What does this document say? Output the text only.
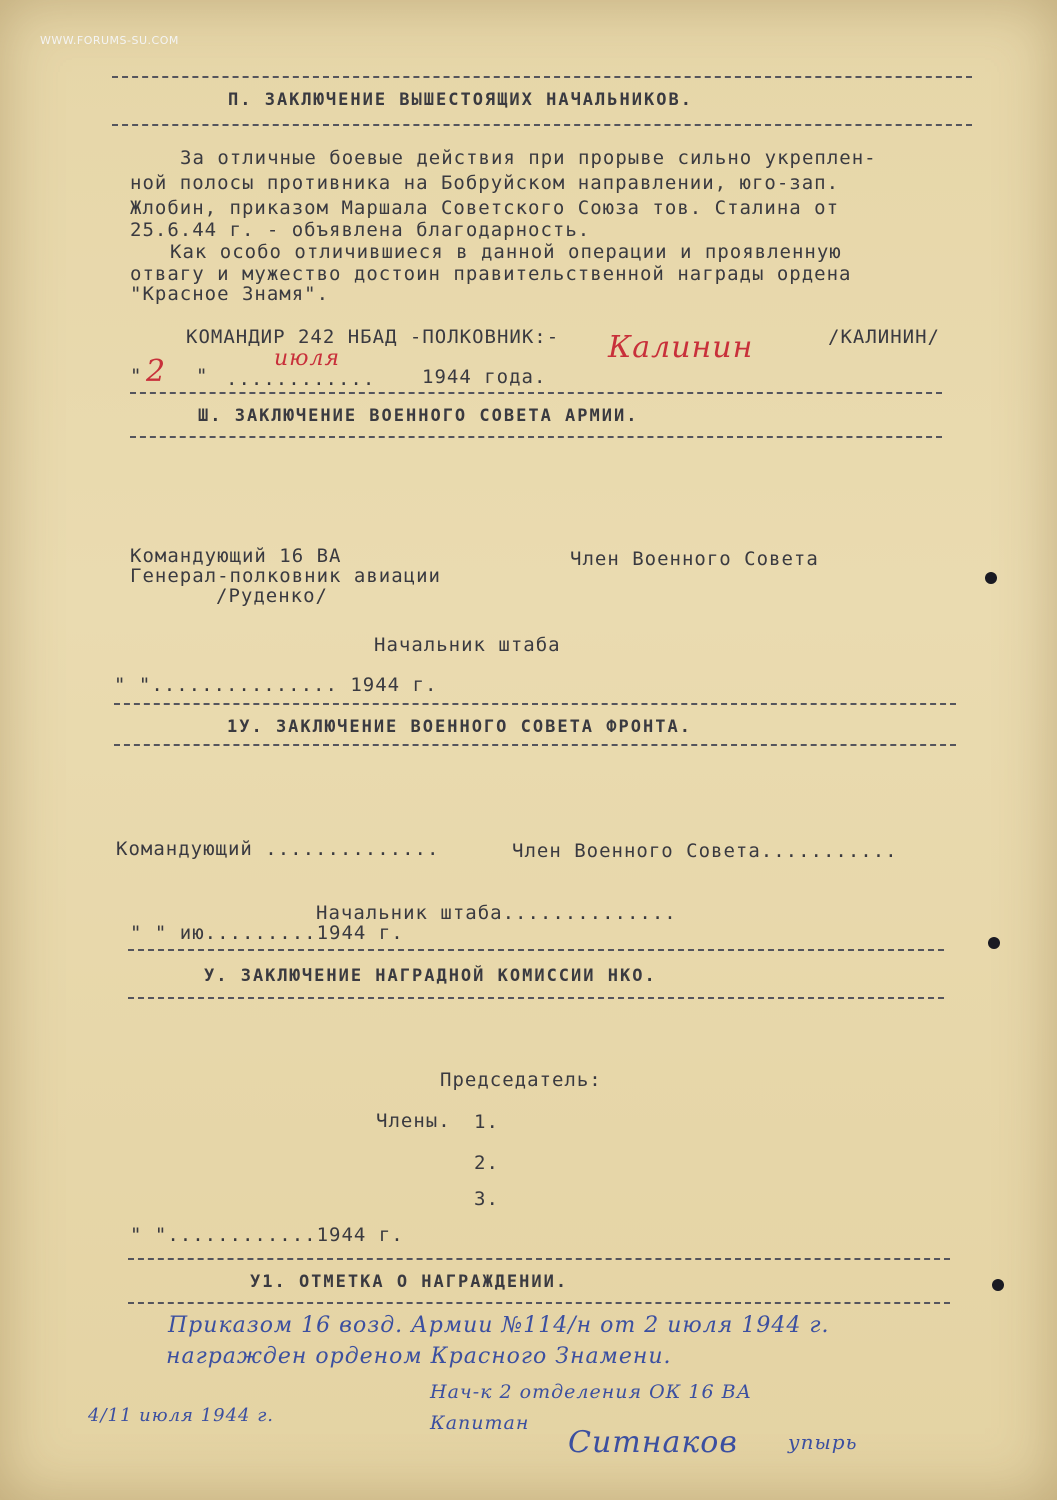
WWW.FORUMS-SU.COM
П. ЗАКЛЮЧЕНИЕ ВЫШЕСТОЯЩИХ НАЧАЛЬНИКОВ.
За отличные боевые действия при прорыве сильно укреплен-
ной полосы противника на Бобруйском направлении, юго-зап.
Жлобин, приказом Маршала Советского Союза тов. Сталина от
25.6.44 г. - объявлена благодарность.
Как особо отличившиеся в данной операции и проявленную
отвагу и мужество достоин правительственной награды ордена
"Красное Знамя".
КОМАНДИР 242 НБАД -ПОЛКОВНИК:- Калинин	/КАЛИНИН/
" 2 " ............
июля
1944 года.
Ш. ЗАКЛЮЧЕНИЕ ВОЕННОГО СОВЕТА АРМИИ.
Командующий 16 ВА	Член Военного Совета
Генерал-полковник авиации
/Руденко/
Начальник штаба
" "............... 1944 г.
1У. ЗАКЛЮЧЕНИЕ ВОЕННОГО СОВЕТА ФРОНТА.
Командующий ..............	Член Военного Совета...........
Начальник штаба..............
" " ию.........1944 г.
У. ЗАКЛЮЧЕНИЕ НАГРАДНОЙ КОМИССИИ НКО.
Председатель:
Члены. 1.
2.
3.
" "............1944 г.
У1. ОТМЕТКА О НАГРАЖДЕНИИ.
Приказом 16 возд. Армии №114/н от 2 июля 1944 г.
награжден орденом Красного Знамени.
Нач-к 2 отделения ОК 16 ВА
4/11 июля 1944 г.	Капитан
Ситнаков	упырь
